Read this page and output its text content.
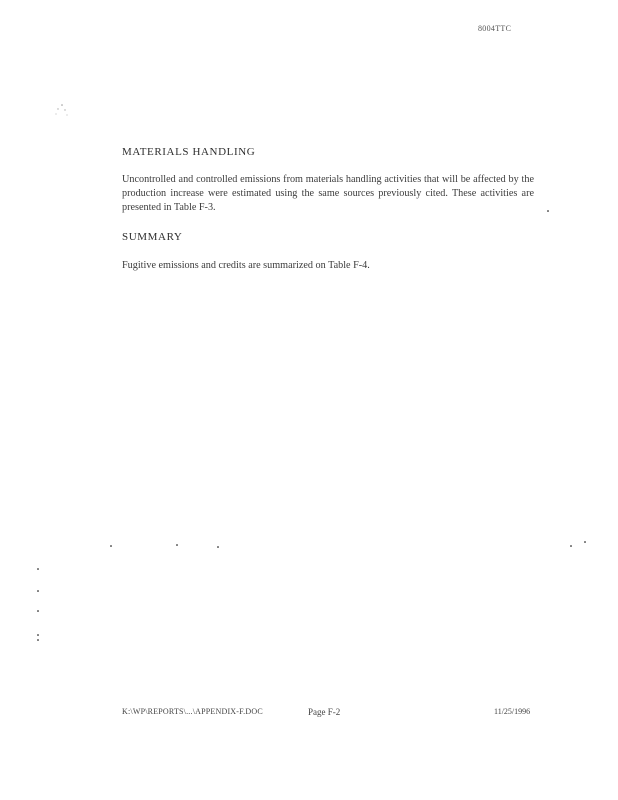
8004TTC
MATERIALS HANDLING

Uncontrolled and controlled emissions from materials handling activities that will be affected by the production increase were estimated using the same sources previously cited. These activities are presented in Table F-3.

SUMMARY

Fugitive emissions and credits are summarized on Table F-4.

K:\WP\REPORTS\...\APPENDIX-F.DOC	Page F-2	11/25/1996
